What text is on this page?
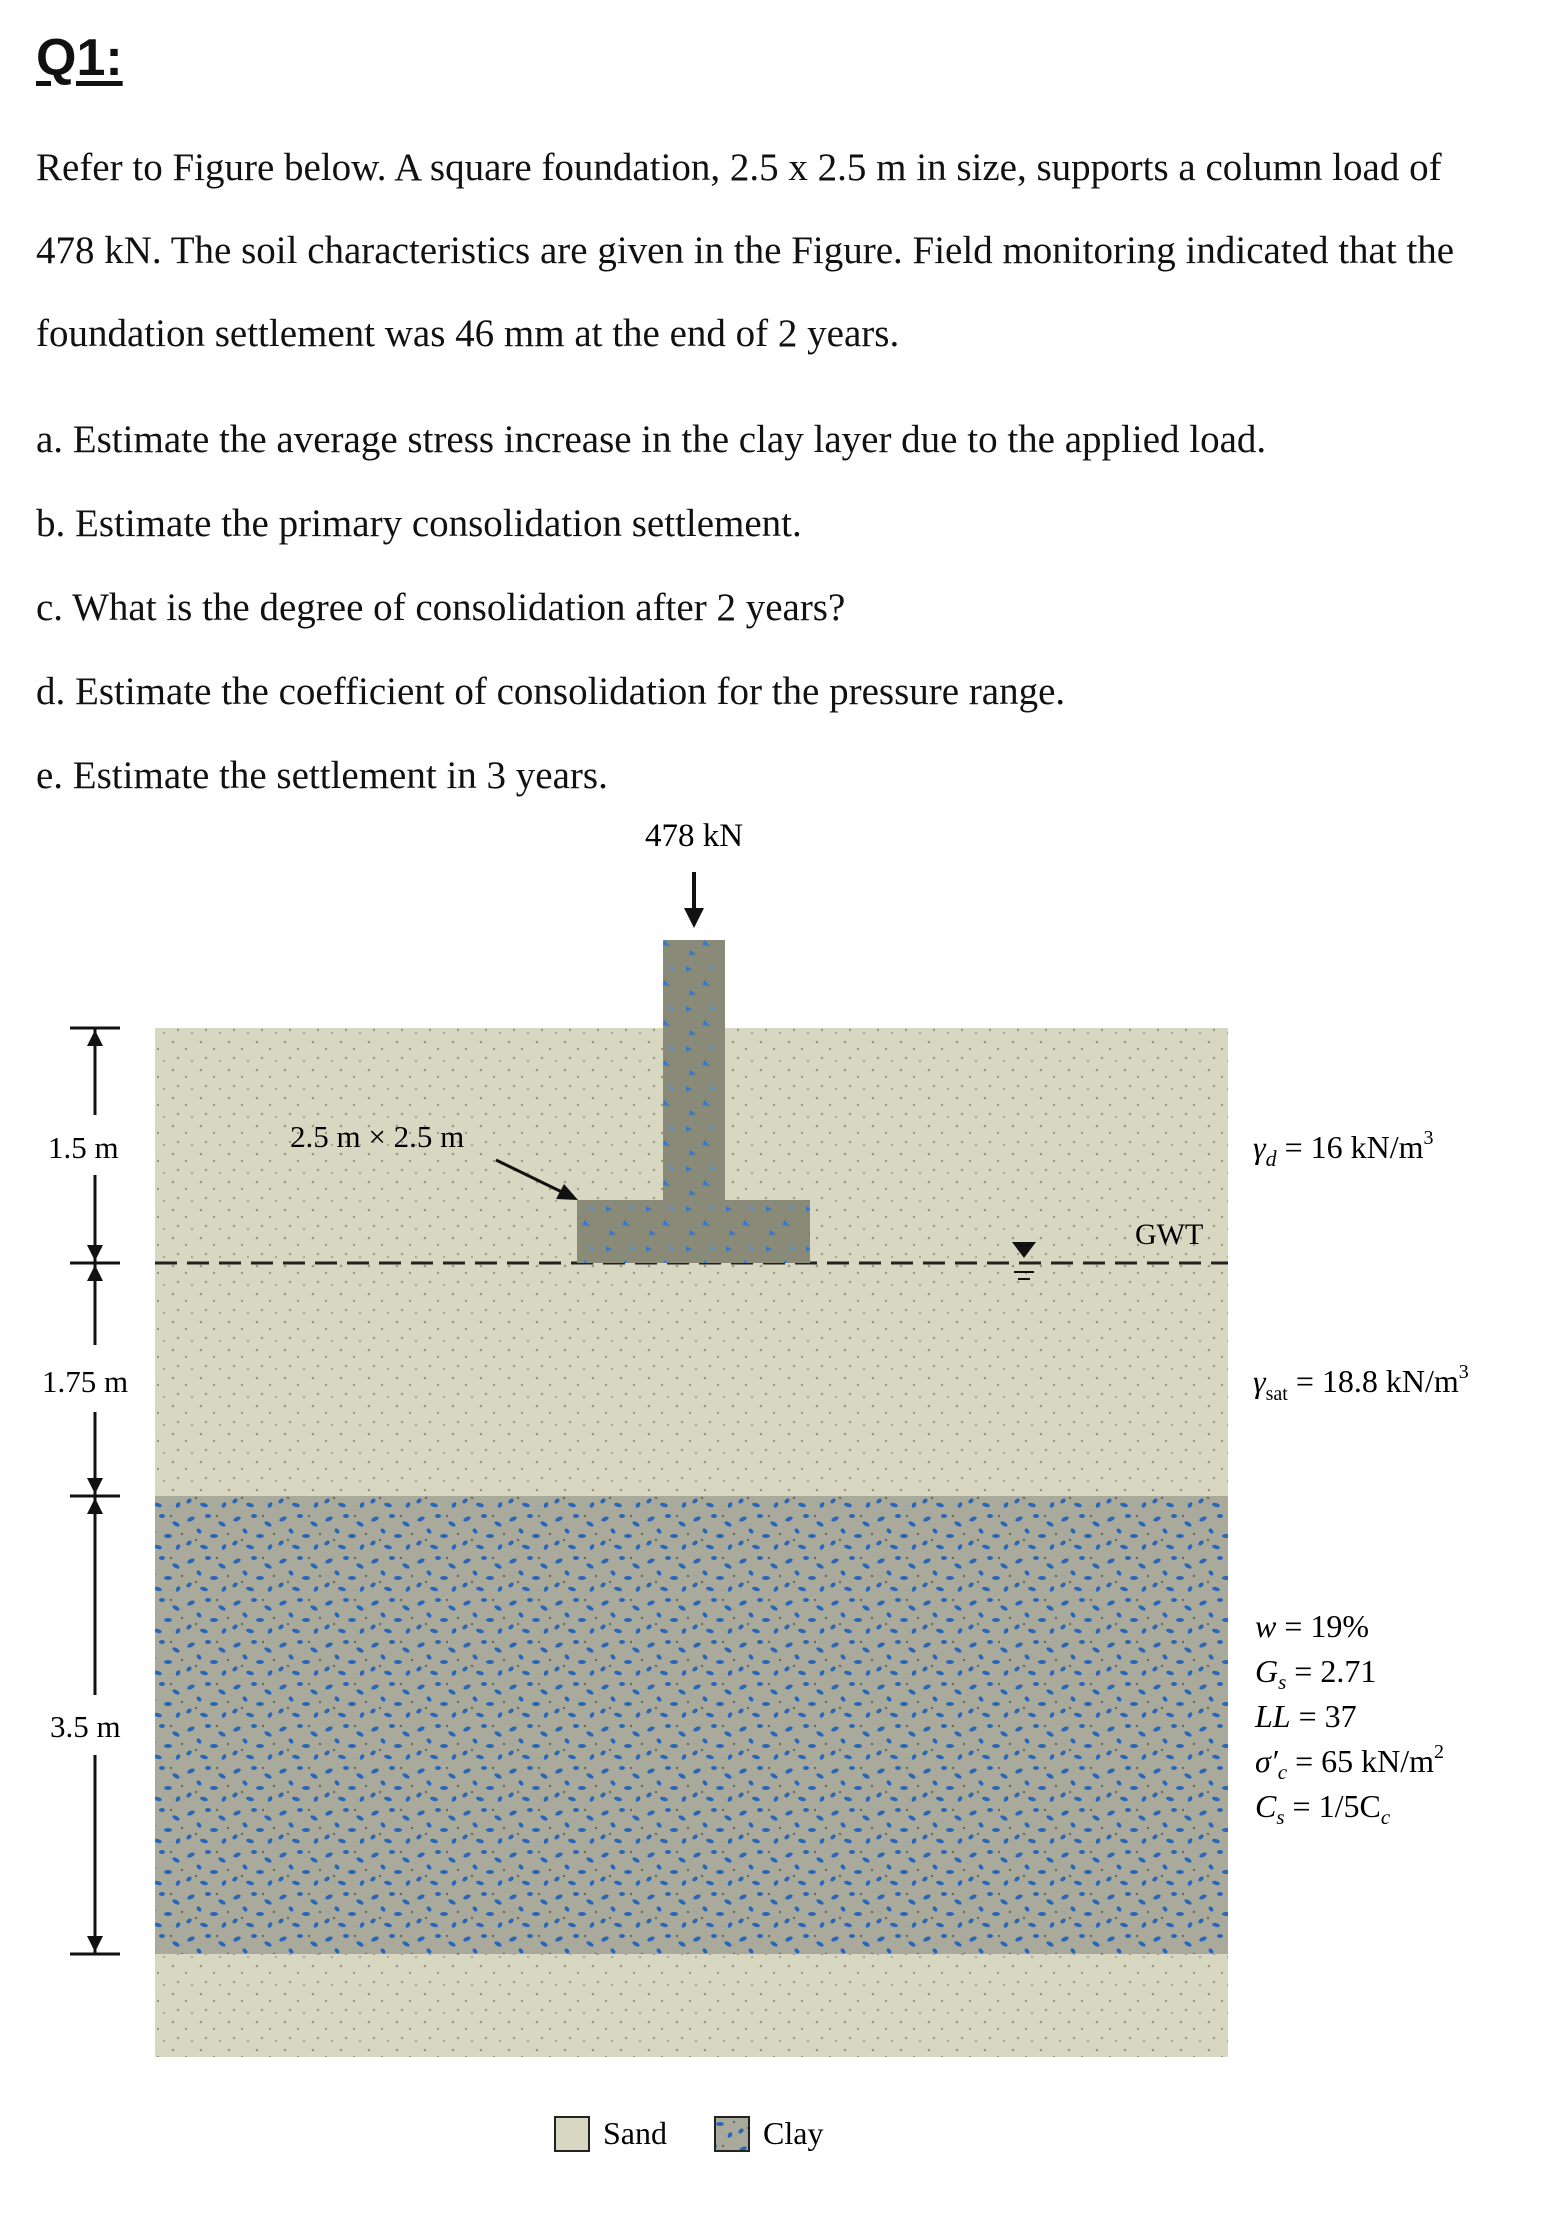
Q1:
Refer to Figure below. A square foundation, 2.5 x 2.5 m in size, supports a column load of 478 kN. The soil characteristics are given in the Figure. Field monitoring indicated that the foundation settlement was 46 mm at the end of 2 years.
a. Estimate the average stress increase in the clay layer due to the applied load.
b. Estimate the primary consolidation settlement.
c. What is the degree of consolidation after 2 years?
d. Estimate the coefficient of consolidation for the pressure range.
e. Estimate the settlement in 3 years.
478 kN
2.5 m × 2.5 m
GWT
1.5 m
1.75 m
3.5 m
$\gamma_d = 16$ $kN/m^3$
$\gamma_{sat} = 18.8$ $kN/m^3$
w = 19%
$G_s = 2.71$
LL = 37
$\sigma'_c = 65$ $kN/m^2$
$C_s = 1/5C_c$
Sand	Clay
